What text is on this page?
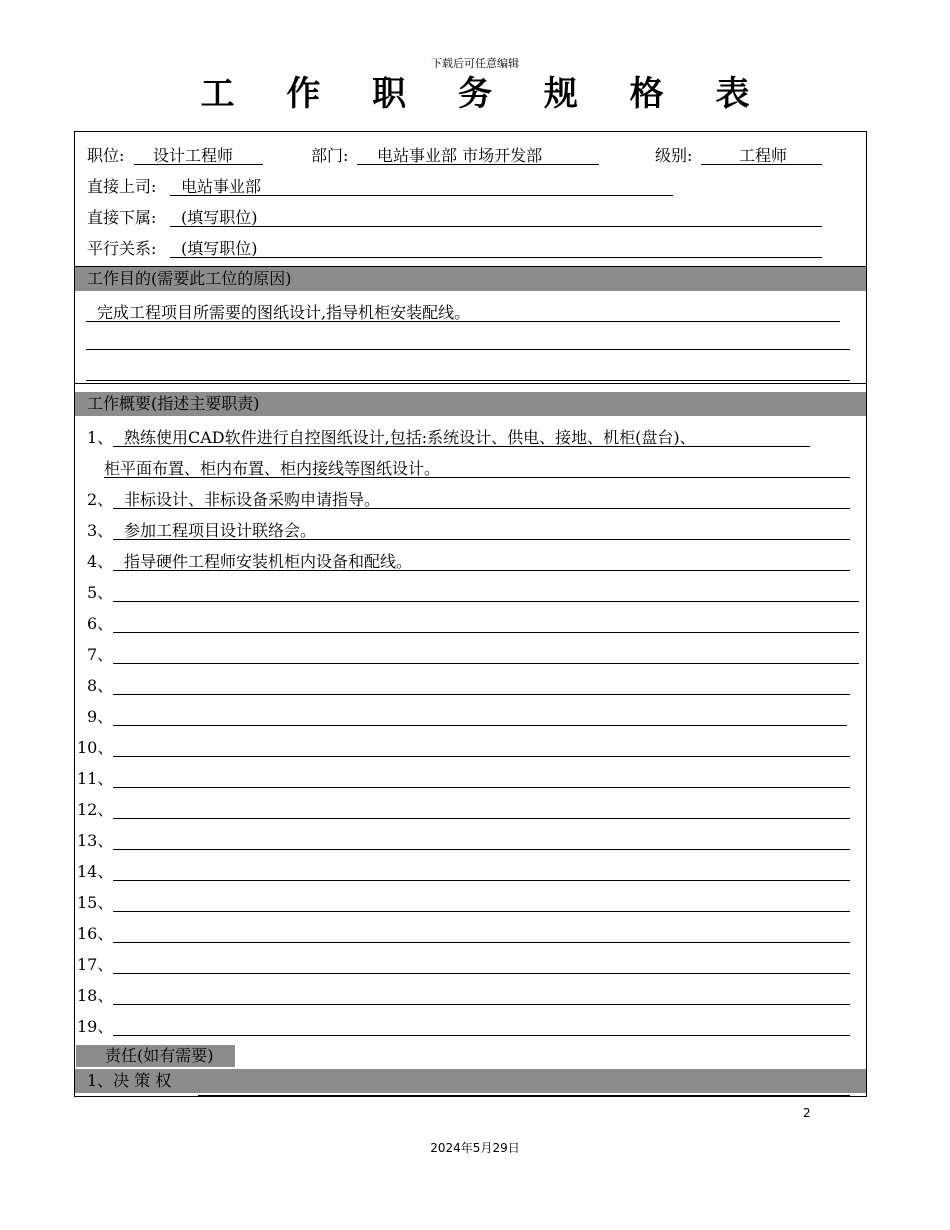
下载后可任意编辑
工 作 职 务 规 格 表
职位: 设计工程师	部门: 电站事业部 市场开发部	级别:	工程师
直接上司: 电站事业部
直接下属: (填写职位)
平行关系: (填写职位)
工作目的(需要此工位的原因)
完成工程项目所需要的图纸设计,指导机柜安装配线。
工作概要(指述主要职责)
1、 熟练使用CAD软件进行自控图纸设计,包括:系统设计、供电、接地、机柜(盘台)、
柜平面布置、柜内布置、柜内接线等图纸设计。
2、 非标设计、非标设备采购申请指导。
3、 参加工程项目设计联络会。
4、 指导硬件工程师安装机柜内设备和配线。
5、
6、
7、
8、
9、
10、
11、
12、
13、
14、
15、
16、
17、
18、
19、
责任(如有需要)
1、决 策 权
2
2024年5月29日
